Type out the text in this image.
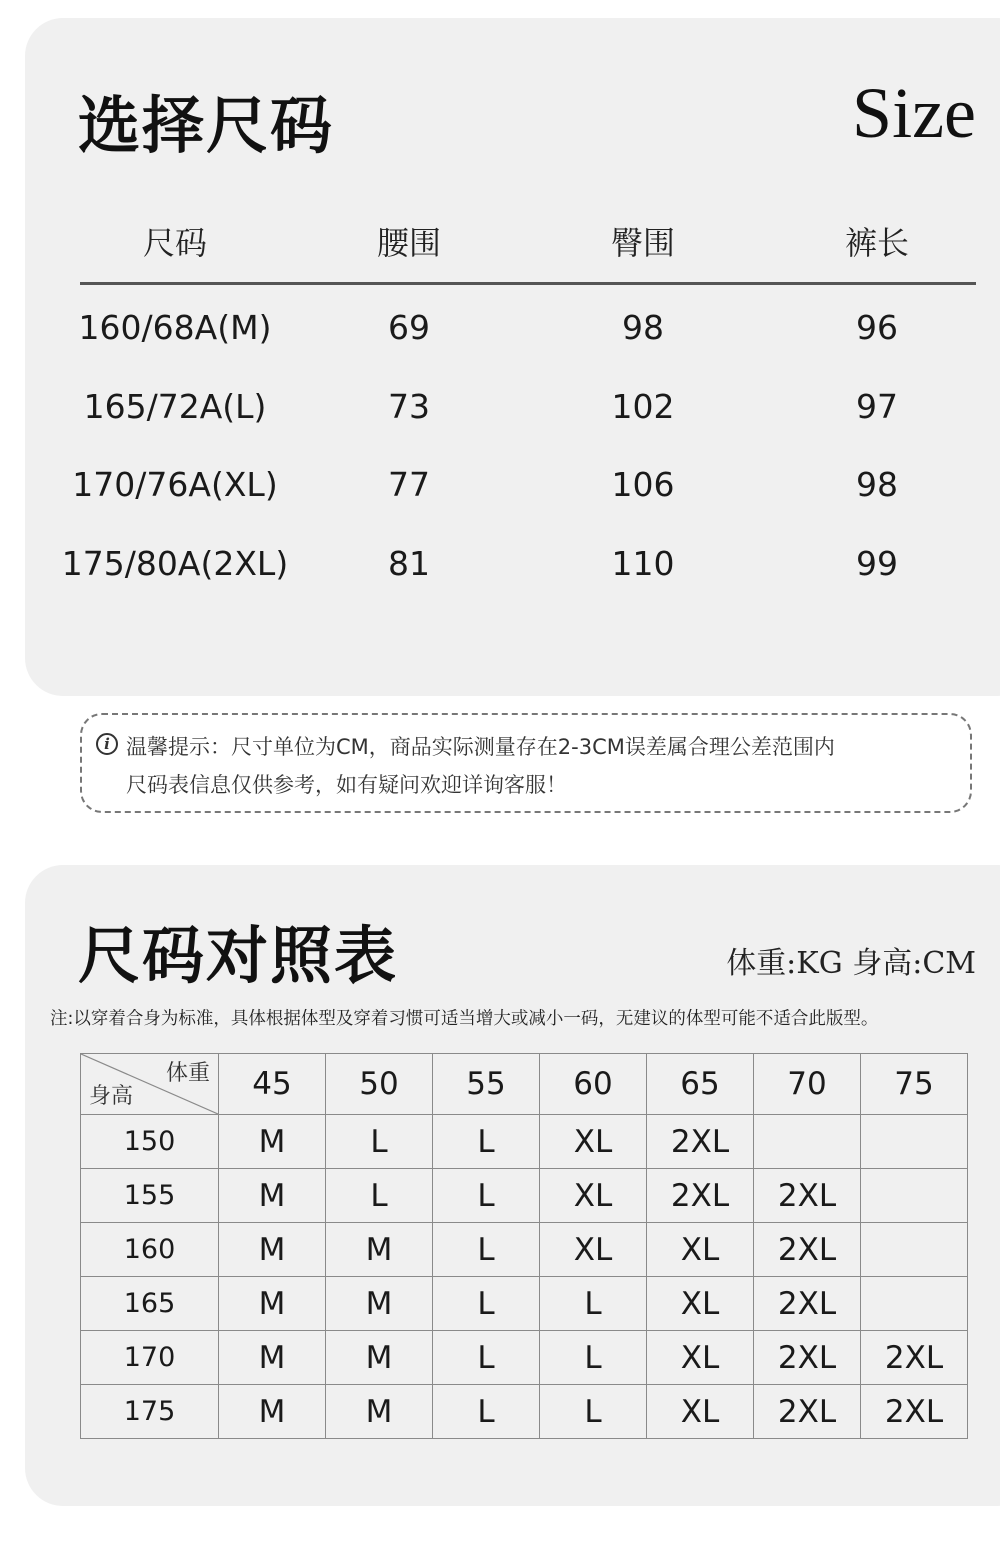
选择尺码	Size
尺码	腰围	臀围	裤长
160/68A(M)	69	98	96
165/72A(L)	73	102	97
170/76A(XL)	77	106	98
175/80A(2XL)	81	110	99
i 温馨提示：尺寸单位为CM，商品实际测量存在2-3CM误差属合理公差范围内
尺码表信息仅供参考，如有疑问欢迎详询客服！
尺码对照表	体重:KG 身高:CM
注:以穿着合身为标准，具体根据体型及穿着习惯可适当增大或减小一码，无建议的体型可能不适合此版型。
体重
身高	45	50	55	60	65	70	75
150	M	L	L	XL	2XL		
155	M	L	L	XL	2XL	2XL	
160	M	M	L	XL	XL	2XL	
165	M	M	L	L	XL	2XL	
170	M	M	L	L	XL	2XL	2XL
175	M	M	L	L	XL	2XL	2XL
